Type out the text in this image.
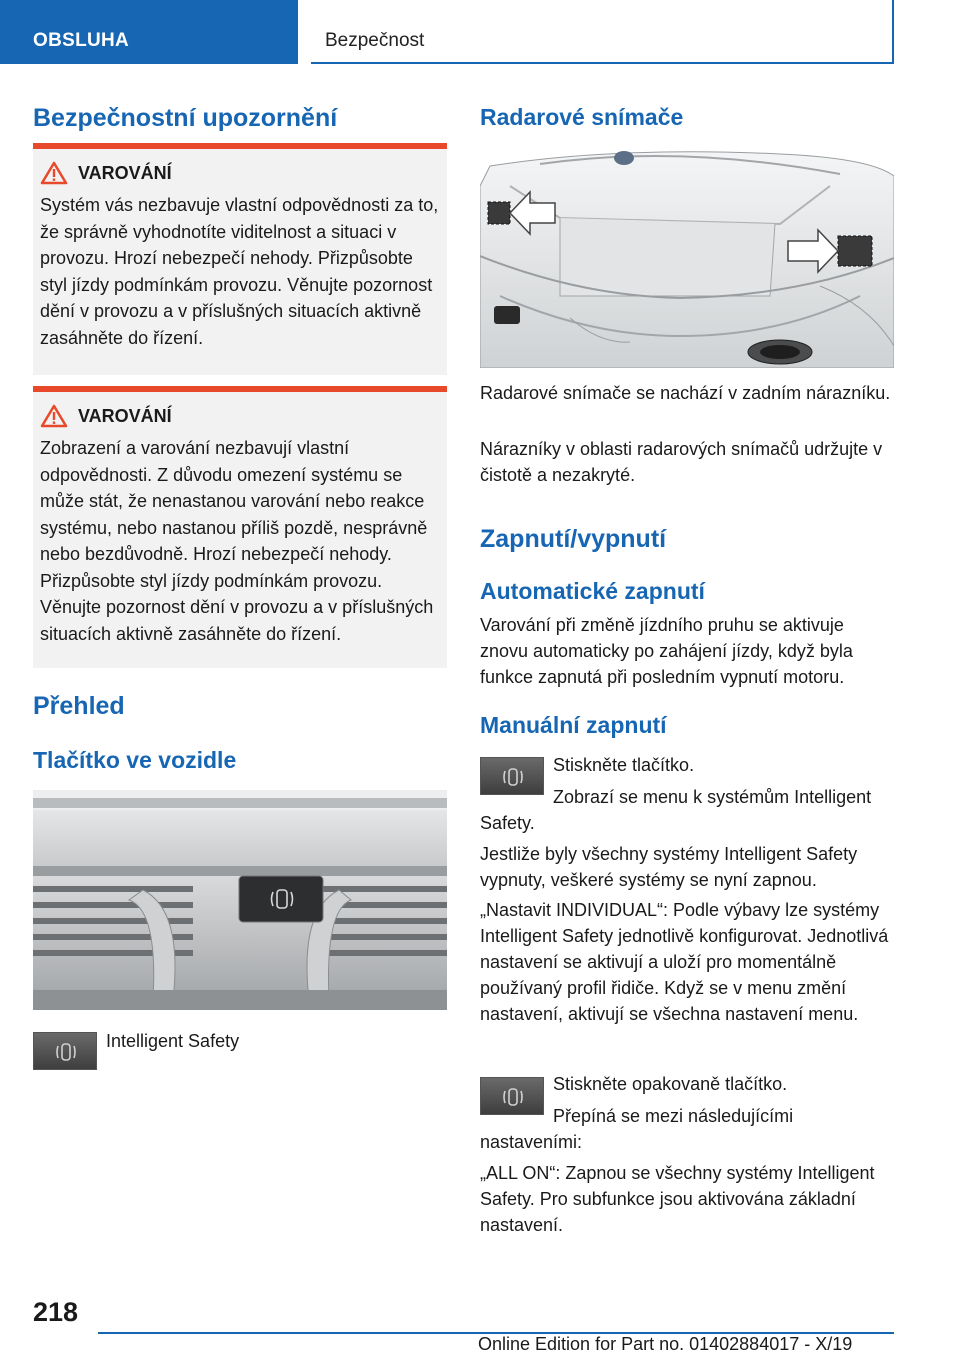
OBSLUHA	Bezpečnost
Bezpečnostní upozornění
VAROVÁNÍ

Systém vás nezbavuje vlastní odpovědnosti za to, že správně vyhodnotíte viditelnost a situaci v provozu. Hrozí nebezpečí nehody. Přizpůsobte styl jízdy podmínkám provozu. Věnujte pozornost dění v provozu a v příslušných situacích aktivně zasáhněte do řízení.

VAROVÁNÍ

Zobrazení a varování nezbavují vlastní odpovědnosti. Z důvodu omezení systému se může stát, že nenastanou varování nebo reakce systému, nebo nastanou příliš pozdě, nesprávně nebo bezdůvodně. Hrozí nebezpečí nehody. Přizpůsobte styl jízdy podmínkám provozu. Věnujte pozornost dění v provozu a v příslušných situacích aktivně zasáhněte do řízení.

Přehled
Tlačítko ve vozidle
Intelligent Safety
Radarové snímače
Radarové snímače se nachází v zadním nárazníku.
Nárazníky v oblasti radarových snímačů udržujte v čistotě a nezakryté.
Zapnutí/vypnutí
Automatické zapnutí
Varování při změně jízdního pruhu se aktivuje znovu automaticky po zahájení jízdy, když byla funkce zapnutá při posledním vypnutí motoru.
Manuální zapnutí
Stiskněte tlačítko.
Zobrazí se menu k systémům Intelligent Safety.
Jestliže byly všechny systémy Intelligent Safety vypnuty, veškeré systémy se nyní zapnou.
„Nastavit INDIVIDUAL“: Podle výbavy lze systémy Intelligent Safety jednotlivě konfigurovat. Jednotlivá nastavení se aktivují a uloží pro momentálně používaný profil řidiče. Když se v menu změní nastavení, aktivují se všechna nastavení menu.
Stiskněte opakovaně tlačítko.
Přepíná se mezi následujícími nastaveními:
„ALL ON“: Zapnou se všechny systémy Intelligent Safety. Pro subfunkce jsou aktivována základní nastavení.
218
Online Edition for Part no. 01402884017 - X/19
